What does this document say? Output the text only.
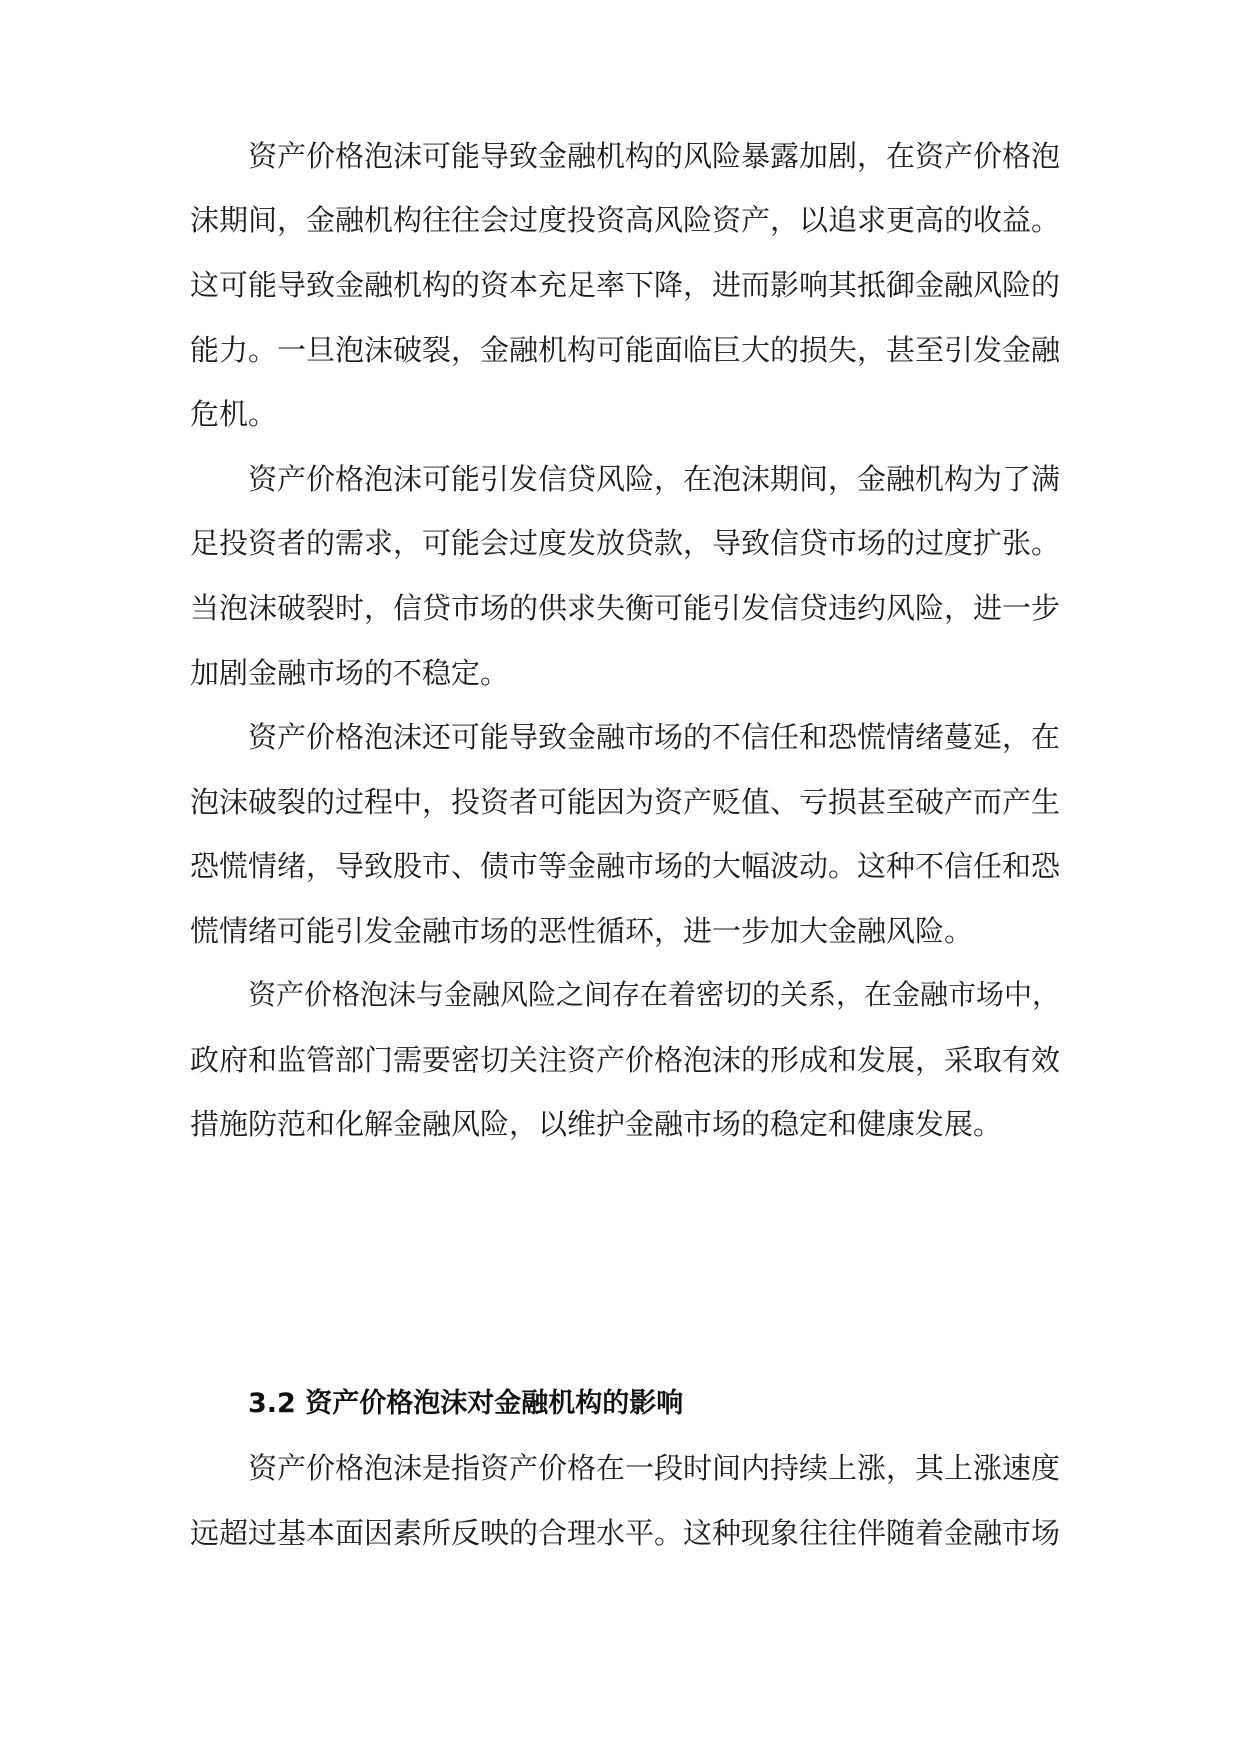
资产价格泡沫可能导致金融机构的风险暴露加剧，在资产价格泡
沫期间，金融机构往往会过度投资高风险资产，以追求更高的收益。
这可能导致金融机构的资本充足率下降，进而影响其抵御金融风险的
能力。一旦泡沫破裂，金融机构可能面临巨大的损失，甚至引发金融
危机。
资产价格泡沫可能引发信贷风险，在泡沫期间，金融机构为了满
足投资者的需求，可能会过度发放贷款，导致信贷市场的过度扩张。
当泡沫破裂时，信贷市场的供求失衡可能引发信贷违约风险，进一步
加剧金融市场的不稳定。
资产价格泡沫还可能导致金融市场的不信任和恐慌情绪蔓延，在
泡沫破裂的过程中，投资者可能因为资产贬值、亏损甚至破产而产生
恐慌情绪，导致股市、债市等金融市场的大幅波动。这种不信任和恐
慌情绪可能引发金融市场的恶性循环，进一步加大金融风险。
资产价格泡沫与金融风险之间存在着密切的关系，在金融市场中，
政府和监管部门需要密切关注资产价格泡沫的形成和发展，采取有效
措施防范和化解金融风险，以维护金融市场的稳定和健康发展。
3.2 资产价格泡沫对金融机构的影响
资产价格泡沫是指资产价格在一段时间内持续上涨，其上涨速度
远超过基本面因素所反映的合理水平。这种现象往往伴随着金融市场
